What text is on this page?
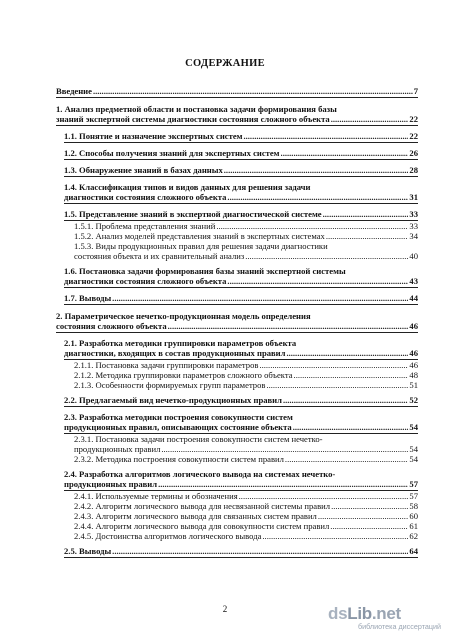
СОДЕРЖАНИЕ
Введение .....	7
1. Анализ предметной области и постановка задачи формирования базы
знаний экспертной системы диагностики состояния сложного объекта .....	22
1.1. Понятие и назначение экспертных систем .....	22
1.2. Способы получения знаний для экспертных систем .....	26
1.3. Обнаружение знаний в базах данных .....	28
1.4. Классификация типов и видов данных для решения задачи
диагностики состояния сложного объекта .....	31
1.5. Представление знаний в экспертной диагностической системе .....	33
1.5.1. Проблема представления знаний .....	33
1.5.2. Анализ моделей представления знаний в экспертных системах .....	34
1.5.3. Виды продукционных правил для решения задачи диагностики
состояния объекта и их сравнительный анализ .....	40
1.6. Постановка задачи формирования базы знаний экспертной системы
диагностики состояния сложного объекта .....	43
1.7. Выводы .....	44
2. Параметрическое нечетко-продукционная модель определения
состояния сложного объекта .....	46
2.1. Разработка методики группировки параметров объекта
диагностики, входящих в состав продукционных правил .....	46
2.1.1. Постановка задачи группировки параметров .....	46
2.1.2. Методика группировки параметров сложного объекта .....	48
2.1.3. Особенности формируемых групп параметров .....	51
2.2. Предлагаемый вид нечетко-продукционных правил .....	52
2.3. Разработка методики построения совокупности систем
продукционных правил, описывающих состояние объекта .....	54
2.3.1. Постановка задачи построения совокупности систем нечетко-
продукционных правил .....	54
2.3.2. Методика построения совокупности систем правил .....	54
2.4. Разработка алгоритмов логического вывода на системах нечетко-
продукционных правил .....	57
2.4.1. Используемые термины и обозначения .....	57
2.4.2. Алгоритм логического вывода для несвязанной системы правил .....	58
2.4.3. Алгоритм логического вывода для связанных систем правил .....	60
2.4.4. Алгоритм логического вывода для совокупности систем правил .....	61
2.4.5. Достоинства алгоритмов логического вывода .....	62
2.5. Выводы .....	64
2	dsLib.net
библиотека диссертаций
